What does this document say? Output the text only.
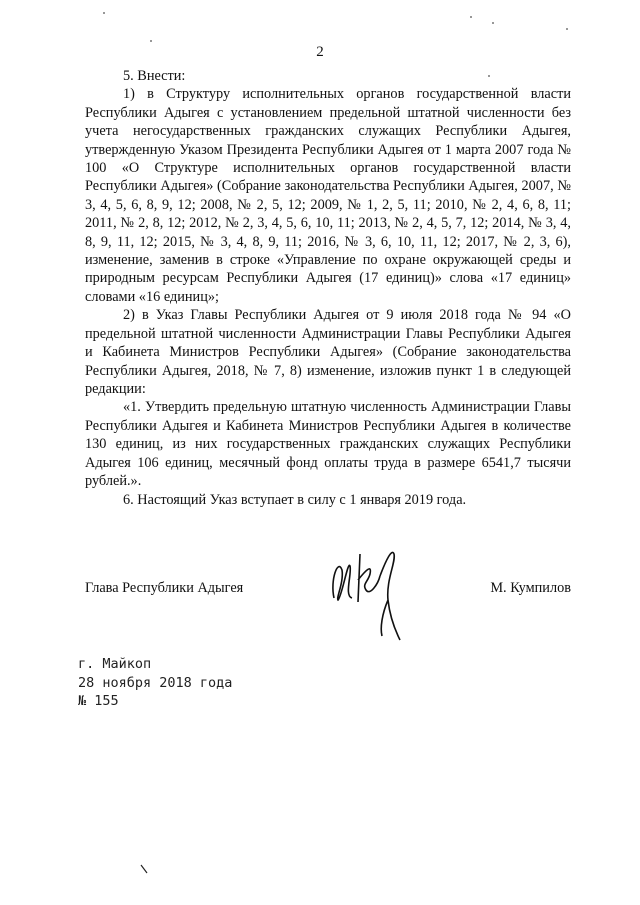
2

5. Внести:

1) в Структуру исполнительных органов государственной власти Республики Адыгея с установлением предельной штатной численности без учета негосударственных гражданских служащих Республики Адыгея, утвержденную Указом Президента Республики Адыгея от 1 марта 2007 года № 100 «О Структуре исполнительных органов государственной власти Республики Адыгея» (Собрание законодательства Республики Адыгея, 2007, № 3, 4, 5, 6, 8, 9, 12; 2008, № 2, 5, 12; 2009, № 1, 2, 5, 11; 2010, № 2, 4, 6, 8, 11; 2011, № 2, 8, 12; 2012, № 2, 3, 4, 5, 6, 10, 11; 2013, № 2, 4, 5, 7, 12; 2014, № 3, 4, 8, 9, 11, 12; 2015, № 3, 4, 8, 9, 11; 2016, № 3, 6, 10, 11, 12; 2017, № 2, 3, 6), изменение, заменив в строке «Управление по охране окружающей среды и природным ресурсам Республики Адыгея (17 единиц)» слова «17 единиц» словами «16 единиц»;

2) в Указ Главы Республики Адыгея от 9 июля 2018 года № 94 «О предельной штатной численности Администрации Главы Республики Адыгея и Кабинета Министров Республики Адыгея» (Собрание законодательства Республики Адыгея, 2018, № 7, 8) изменение, изложив пункт 1 в следующей редакции:

«1. Утвердить предельную штатную численность Администрации Главы Республики Адыгея и Кабинета Министров Республики Адыгея в количестве 130 единиц, из них государственных гражданских служащих Республики Адыгея 106 единиц, месячный фонд оплаты труда в размере 6541,7 тысячи рублей.».

6. Настоящий Указ вступает в силу с 1 января 2019 года.
Глава Республики Адыгея	М. Кумпилов
г. Майкоп
28 ноября 2018 года
№ 155
